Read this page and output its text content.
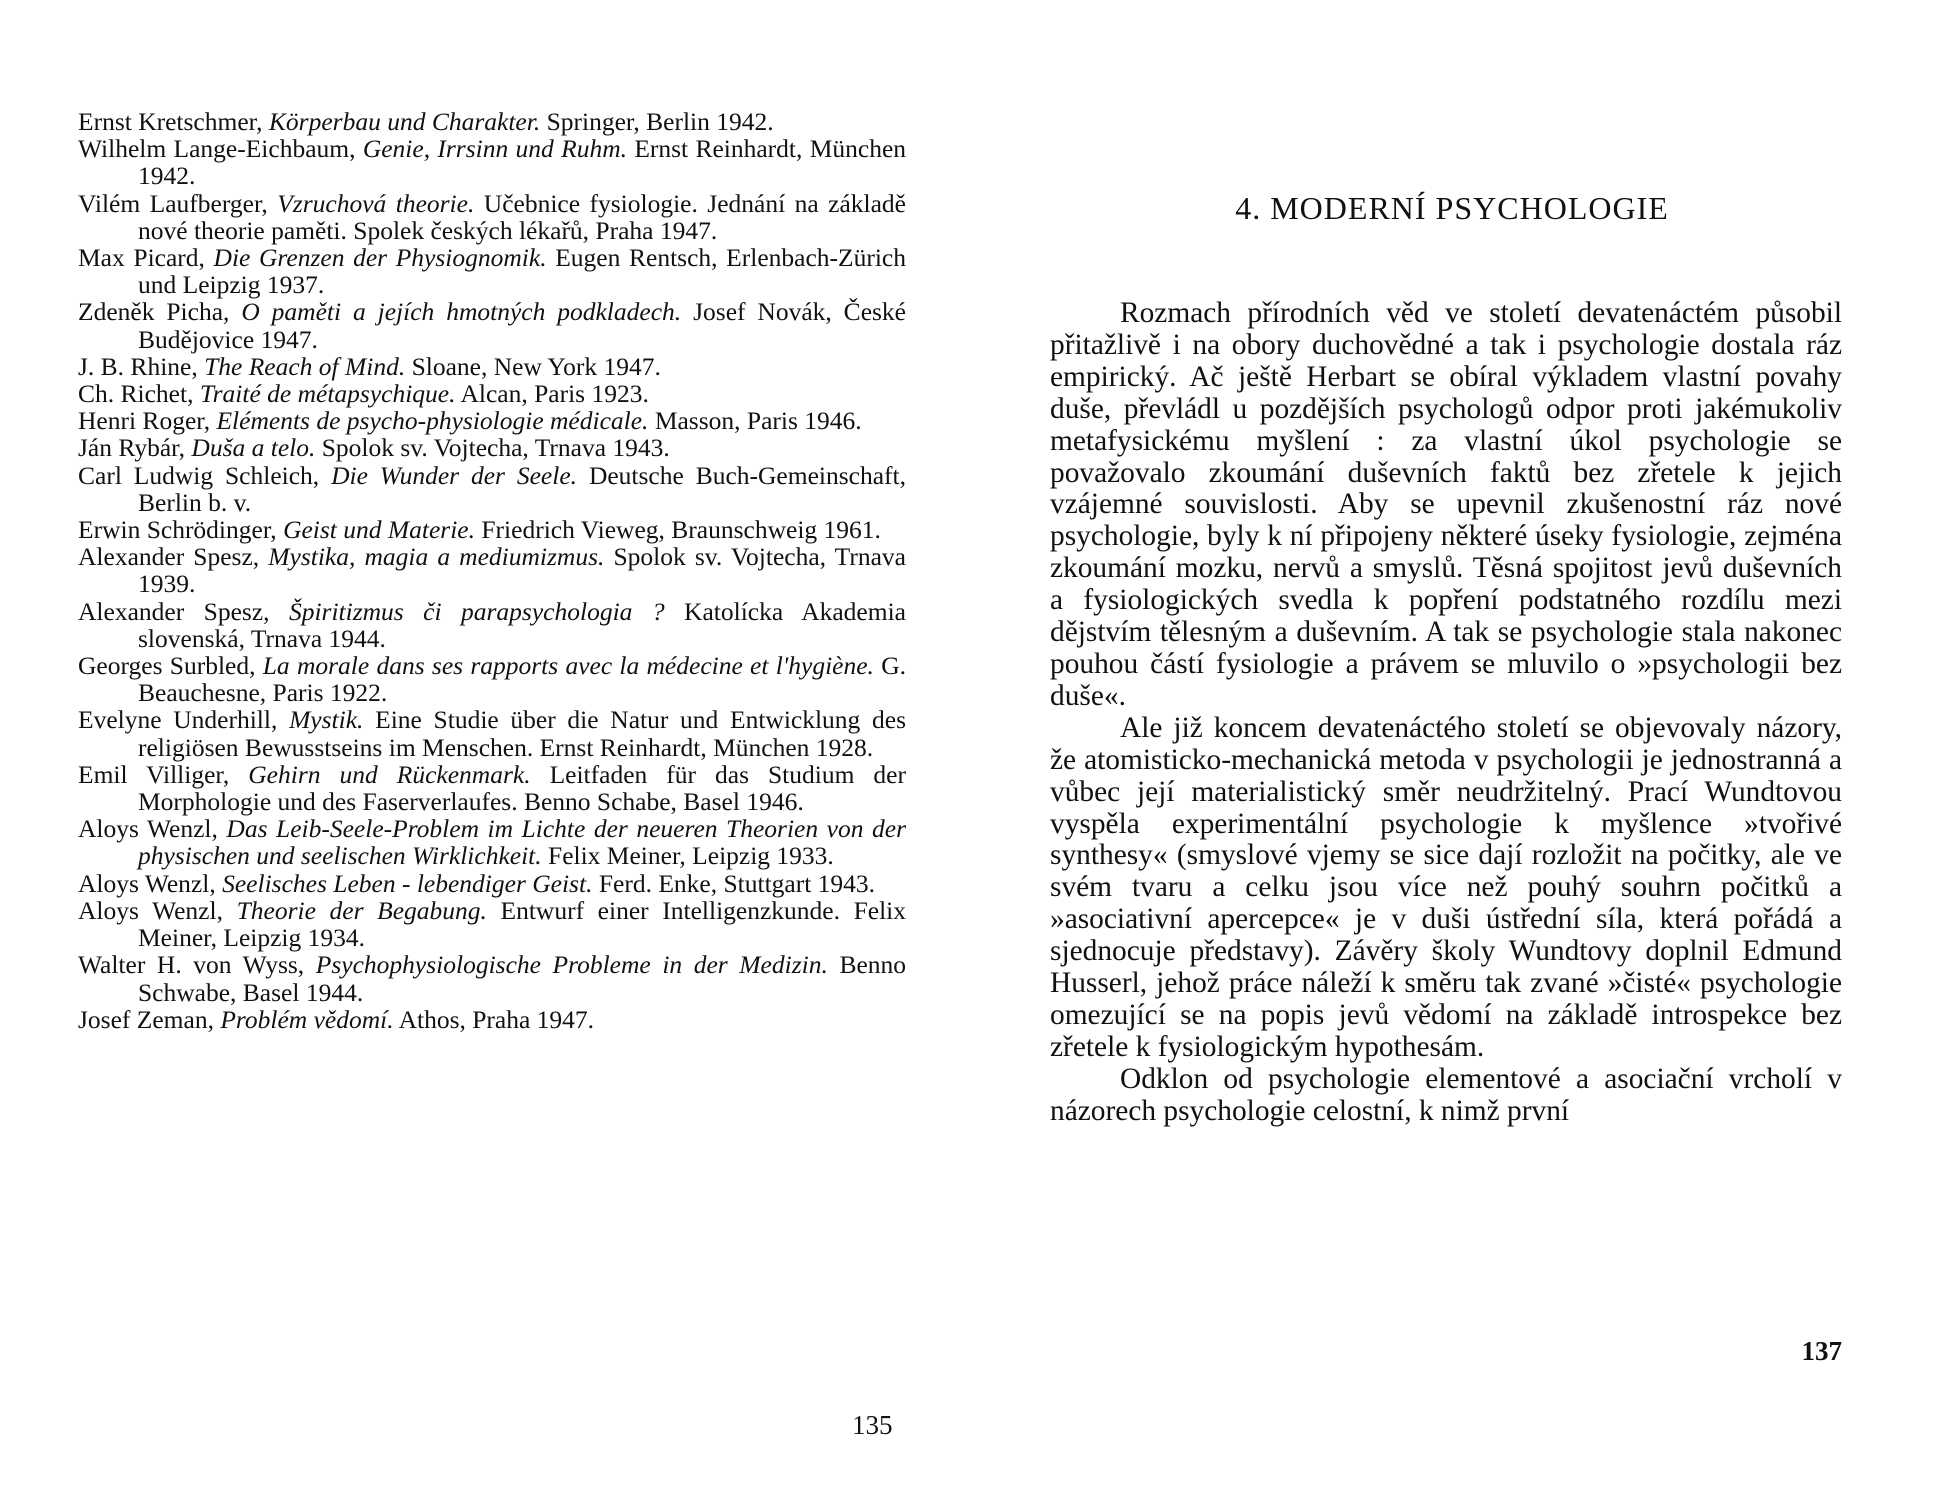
Ernst Kretschmer, Körperbau und Charakter. Springer, Berlin 1942.
Wilhelm Lange-Eichbaum, Genie, Irrsinn und Ruhm. Ernst Reinhardt, München 1942.
Vilém Laufberger, Vzruchová theorie. Učebnice fysiologie. Jednání na základě nové theorie paměti. Spolek českých lékařů, Praha 1947.
Max Picard, Die Grenzen der Physiognomik. Eugen Rentsch, Erlenbach-Zürich und Leipzig 1937.
Zdeněk Picha, O paměti a jejích hmotných podkladech. Josef Novák, České Budějovice 1947.
J. B. Rhine, The Reach of Mind. Sloane, New York 1947.
Ch. Richet, Traité de métapsychique. Alcan, Paris 1923.
Henri Roger, Eléments de psycho-physiologie médicale. Masson, Paris 1946.
Ján Rybár, Duša a telo. Spolok sv. Vojtecha, Trnava 1943.
Carl Ludwig Schleich, Die Wunder der Seele. Deutsche Buch-Gemeinschaft, Berlin b. v.
Erwin Schrödinger, Geist und Materie. Friedrich Vieweg, Braunschweig 1961.
Alexander Spesz, Mystika, magia a mediumizmus. Spolok sv. Vojtecha, Trnava 1939.
Alexander Spesz, Špiritizmus či parapsychologia ? Katolícka Akademia slovenská, Trnava 1944.
Georges Surbled, La morale dans ses rapports avec la médecine et l'hygiène. G. Beauchesne, Paris 1922.
Evelyne Underhill, Mystik. Eine Studie über die Natur und Entwicklung des religiösen Bewusstseins im Menschen. Ernst Reinhardt, München 1928.
Emil Villiger, Gehirn und Rückenmark. Leitfaden für das Studium der Morphologie und des Faserverlaufes. Benno Schabe, Basel 1946.
Aloys Wenzl, Das Leib-Seele-Problem im Lichte der neueren Theorien von der physischen und seelischen Wirklichkeit. Felix Meiner, Leipzig 1933.
Aloys Wenzl, Seelisches Leben - lebendiger Geist. Ferd. Enke, Stuttgart 1943.
Aloys Wenzl, Theorie der Begabung. Entwurf einer Intelligenzkunde. Felix Meiner, Leipzig 1934.
Walter H. von Wyss, Psychophysiologische Probleme in der Medizin. Benno Schwabe, Basel 1944.
Josef Zeman, Problém vědomí. Athos, Praha 1947.
135
4. MODERNÍ PSYCHOLOGIE

Rozmach přírodních věd ve století devatenáctém působil přitažlivě i na obory duchovědné a tak i psychologie dostala ráz empirický. Ač ještě Herbart se obíral výkladem vlastní povahy duše, převládl u pozdějších psychologů odpor proti jakémukoliv metafysickému myšlení : za vlastní úkol psychologie se považovalo zkoumání duševních faktů bez zřetele k jejich vzájemné souvislosti. Aby se upevnil zkušenostní ráz nové psychologie, byly k ní připojeny některé úseky fysiologie, zejména zkoumání mozku, nervů a smyslů. Těsná spojitost jevů duševních a fysiologických svedla k popření podstatného rozdílu mezi dějstvím tělesným a duševním. A tak se psychologie stala nakonec pouhou částí fysiologie a právem se mluvilo o »psychologii bez duše«.

Ale již koncem devatenáctého století se objevovaly názory, že atomisticko-mechanická metoda v psychologii je jednostranná a vůbec její materialistický směr neudržitelný. Prací Wundtovou vyspěla experimentální psychologie k myšlence »tvořivé synthesy« (smyslové vjemy se sice dají rozložit na počitky, ale ve svém tvaru a celku jsou více než pouhý souhrn počitků a »asociativní apercepce« je v duši ústřední síla, která pořádá a sjednocuje představy). Závěry školy Wundtovy doplnil Edmund Husserl, jehož práce náleží k směru tak zvané »čisté« psychologie omezující se na popis jevů vědomí na základě introspekce bez zřetele k fysiologickým hypothesám.

Odklon od psychologie elementové a asociační vrcholí v názorech psychologie celostní, k nimž první

137
